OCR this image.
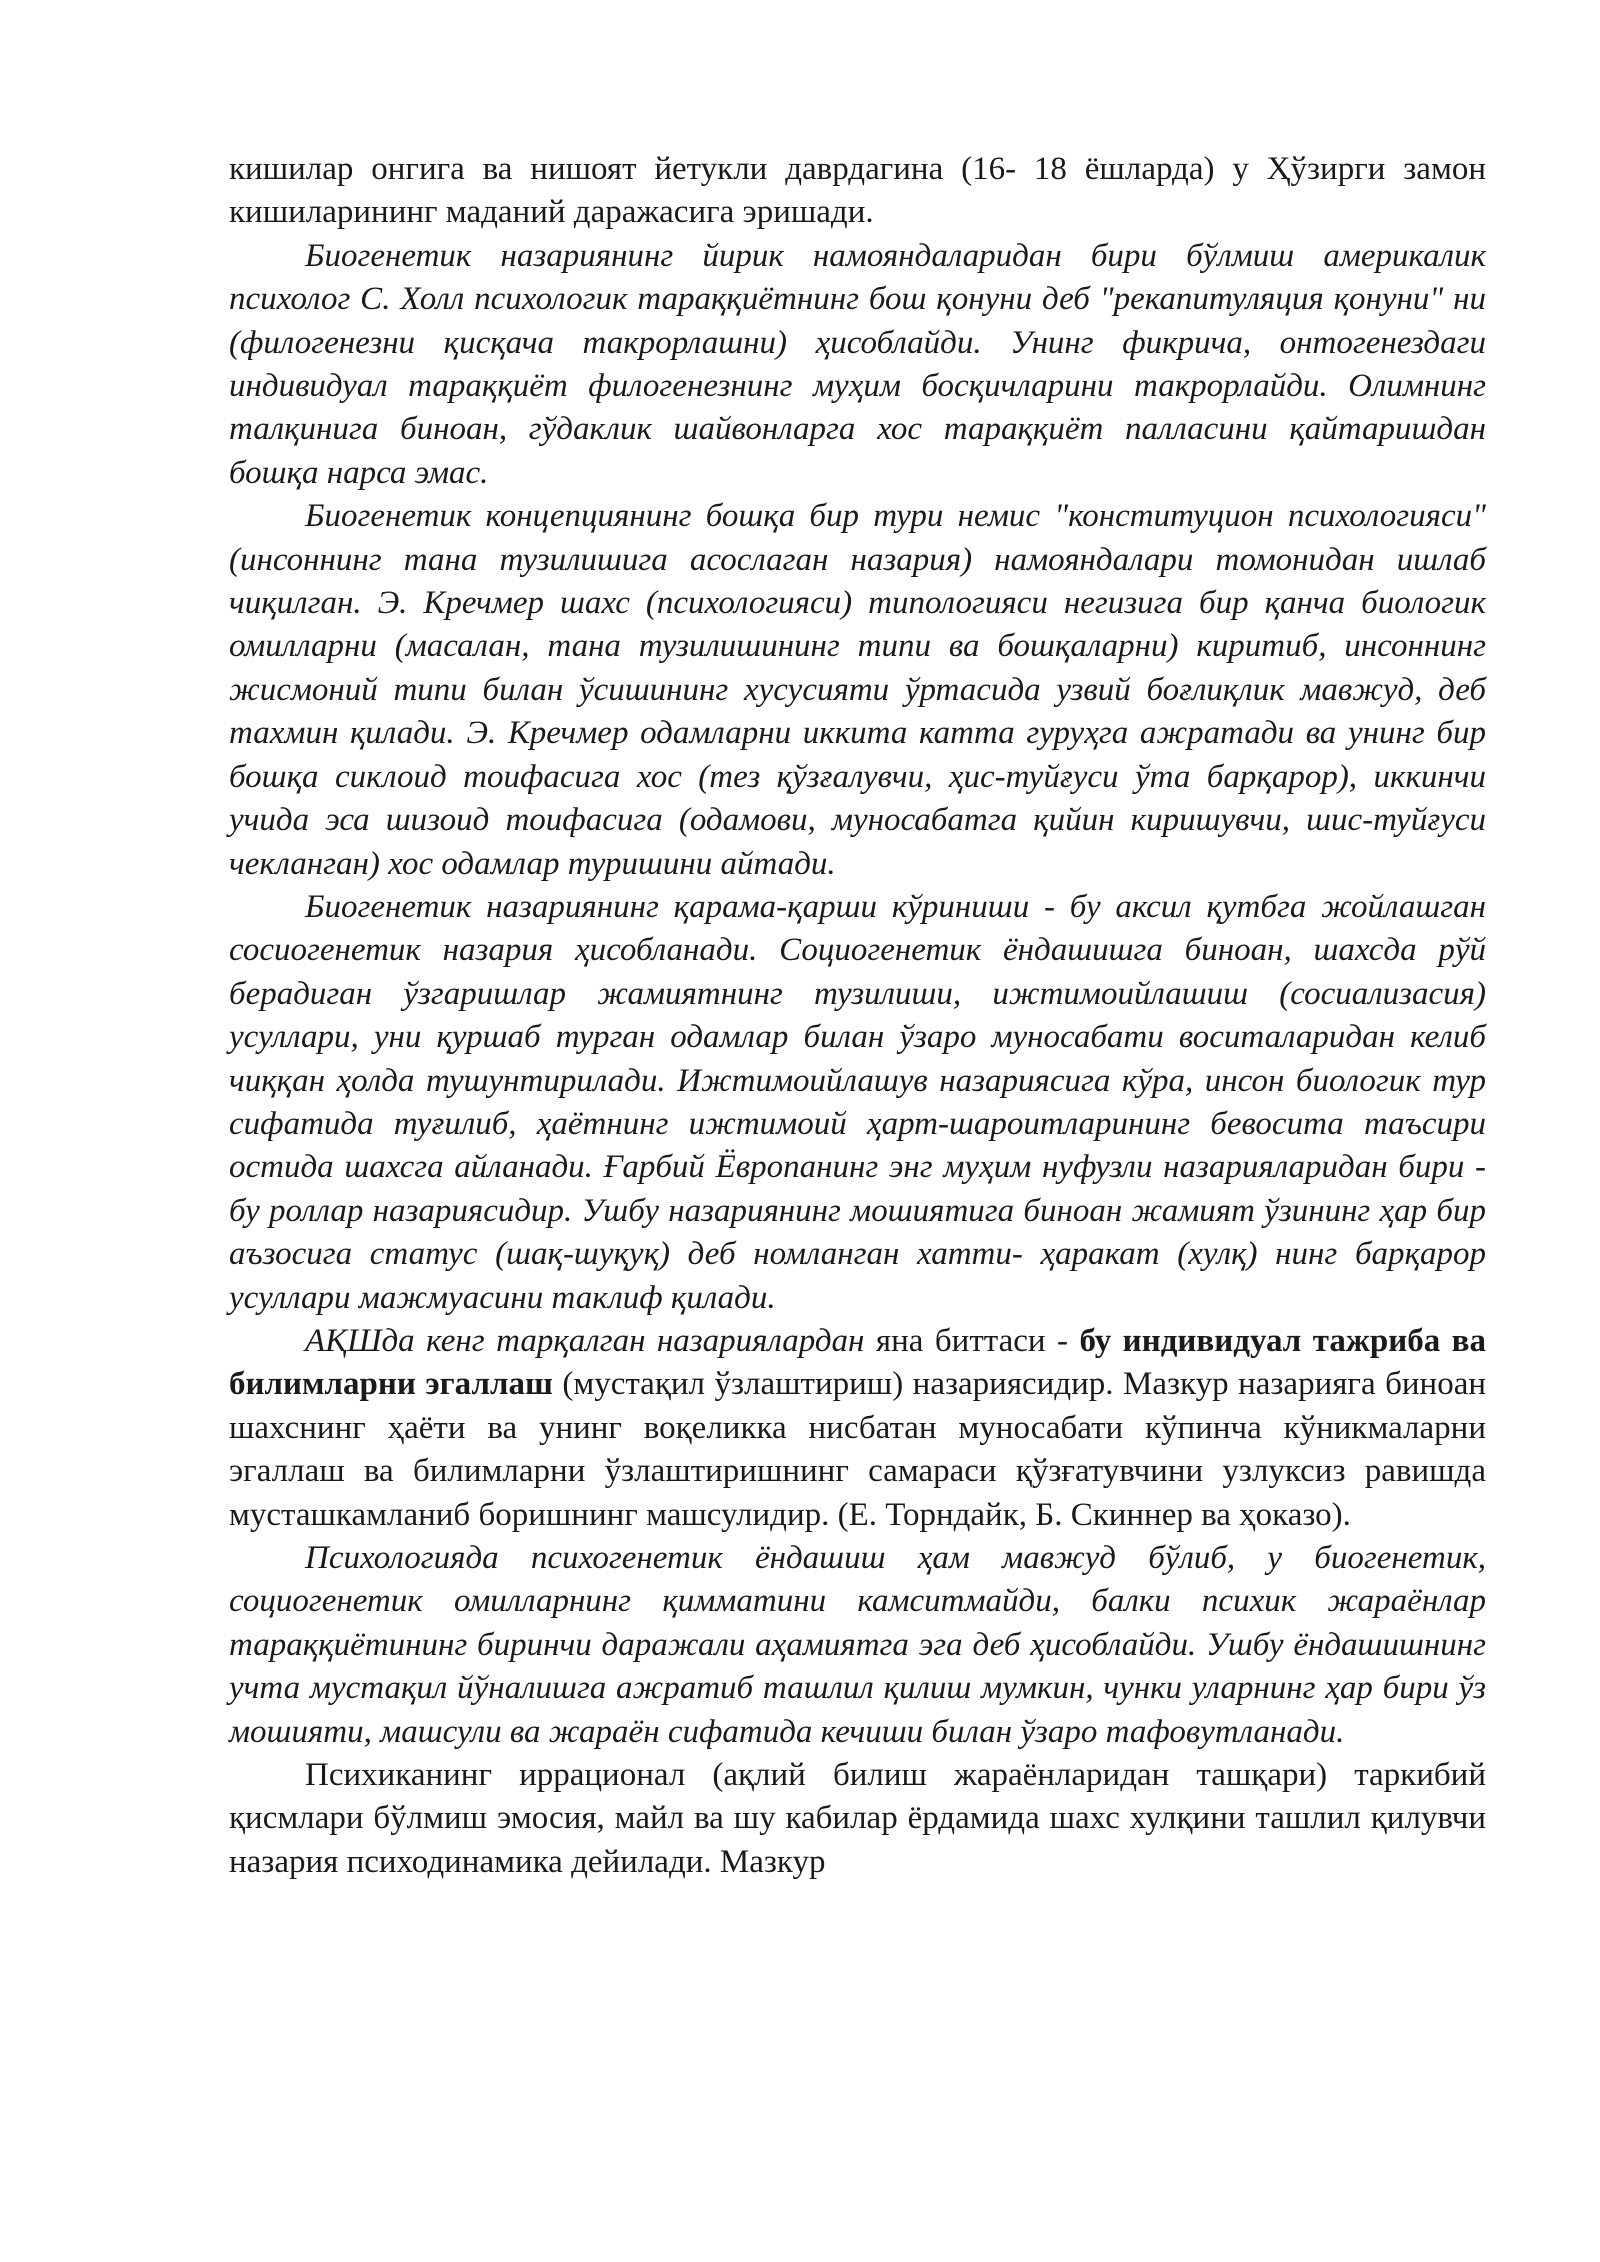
кишилар онгига ва нишоят йетукли даврдагина (16- 18 ёшларда) у Ҳўзирги замон кишиларининг маданий даражасига эришади.

Биогенетик назариянинг йирик намояндаларидан бири бўлмиш америкалик психолог С. Холл психологик тараққиётнинг бош қонуни деб "рекапитуляция қонуни" ни (филогенезни қисқача такрорлашни) ҳисоблайди. Унинг фикрича, онтогенездаги индивидуал тараққиёт филогенезнинг муҳим босқичларини такрорлайди. Олимнинг талқинига биноан, гўдаклик шайвонларга хос тараққиёт палласини қайтаришдан бошқа нарса эмас.

Биогенетик концепциянинг бошқа бир тури немис "конституцион психологияси" (инсоннинг тана тузилишига асослаган назария) намояндалари томонидан ишлаб чиқилган. Э. Кречмер шахс (психологияси) типологияси негизига бир қанча биологик омилларни (масалан, тана тузилишининг типи ва бошқаларни) киритиб, инсоннинг жисмоний типи билан ўсишининг хусусияти ўртасида узвий боғлиқлик мавжуд, деб тахмин қилади. Э. Кречмер одамларни иккита катта гуруҳга ажратади ва унинг бир бошқа сиклоид тоифасига хос (тез қўзғалувчи, ҳис-туйғуси ўта барқарор), иккинчи учида эса шизоид тоифасига (одамови, муносабатга қийин киришувчи, шис-туйғуси чекланган) хос одамлар туришини айтади.

Биогенетик назариянинг қарама-қарши кўриниши - бу аксил қутбга жойлашган сосиогенетик назария ҳисобланади. Социогенетик ёндашишга биноан, шахсда рўй берадиган ўзгаришлар жамиятнинг тузилиши, ижтимоийлашиш (сосиализасия) усуллари, уни қуршаб турган одамлар билан ўзаро муносабати воситаларидан келиб чиққан ҳолда тушунтирилади. Ижтимоийлашув назариясига кўра, инсон биологик тур сифатида туғилиб, ҳаётнинг ижтимоий ҳарт-шароитларининг бевосита таъсири остида шахсга айланади. Ғарбий Ёвропанинг энг муҳим нуфузли назарияларидан бири - бу роллар назариясидир. Ушбу назариянинг мошиятига биноан жамият ўзининг ҳар бир аъзосига статус (шақ-шуқуқ) деб номланган хатти- ҳаракат (хулқ) нинг барқарор усуллари мажмуасини таклиф қилади.

АҚШда кенг тарқалган назариялардан яна биттаси - бу индивидуал тажриба ва билимларни эгаллаш (мустақил ўзлаштириш) назариясидир. Мазкур назарияга биноан шахснинг ҳаёти ва унинг воқеликка нисбатан муносабати кўпинча кўникмаларни эгаллаш ва билимларни ўзлаштиришнинг самараси қўзғатувчини узлуксиз равишда мусташкамланиб боришнинг машсулидир. (Е. Торндайк, Б. Скиннер ва ҳоказо).

Психологияда психогенетик ёндашиш ҳам мавжуд бўлиб, у биогенетик, социогенетик омилларнинг қимматини камситмайди, балки психик жараёнлар тараққиётининг биринчи даражали аҳамиятга эга деб ҳисоблайди. Ушбу ёндашишнинг учта мустақил йўналишга ажратиб ташлил қилиш мумкин, чунки уларнинг ҳар бири ўз мошияти, машсули ва жараён сифатида кечиши билан ўзаро тафовутланади.

Психиканинг иррационал (ақлий билиш жараёнларидан ташқари) таркибий қисмлари бўлмиш эмосия, майл ва шу кабилар ёрдамида шахс хулқини ташлил қилувчи назария психодинамика дейилади. Мазкур
